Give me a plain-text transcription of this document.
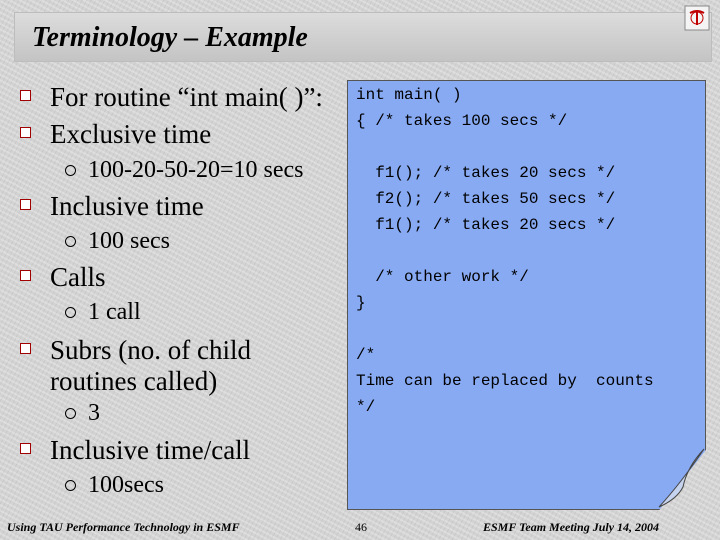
Terminology – Example
For routine “int main( )”:
Exclusive time
100-20-50-20=10 secs
Inclusive time
100 secs
Calls
1 call
Subrs (no. of child
routines called)
3
Inclusive time/call
100secs
int main( )
{ /* takes 100 secs */

f1(); /* takes 20 secs */
f2(); /* takes 50 secs */
f1(); /* takes 20 secs */

/* other work */
}

/*
Time can be replaced by  counts
*/
Using TAU Performance Technology in ESMF	46	ESMF Team Meeting July 14, 2004
